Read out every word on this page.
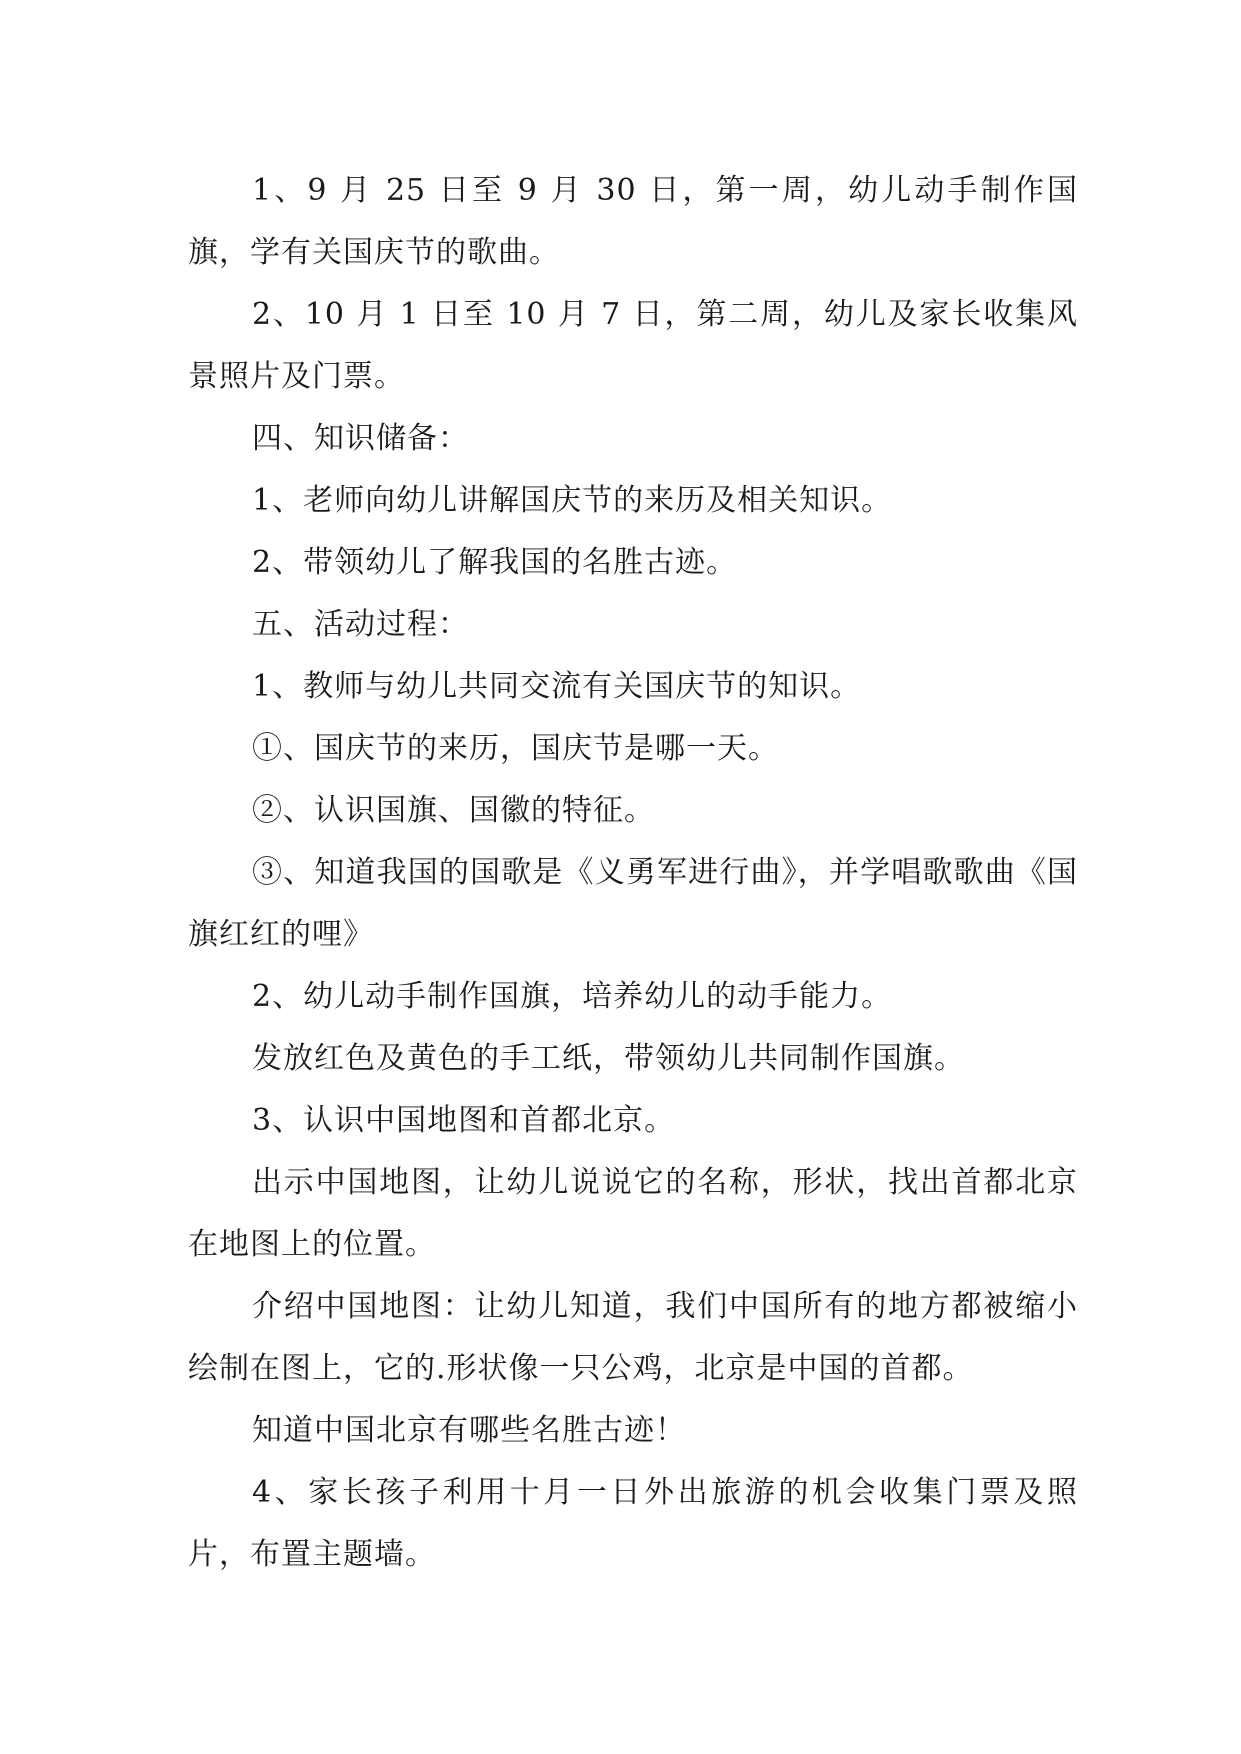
1、9 月 25 日至 9 月 30 日，第一周，幼儿动手制作国旗，学有关国庆节的歌曲。

2、10 月 1 日至 10 月 7 日，第二周，幼儿及家长收集风景照片及门票。

四、知识储备：

1、老师向幼儿讲解国庆节的来历及相关知识。

2、带领幼儿了解我国的名胜古迹。

五、活动过程：

1、教师与幼儿共同交流有关国庆节的知识。

①、国庆节的来历，国庆节是哪一天。

②、认识国旗、国徽的特征。

③、知道我国的国歌是《义勇军进行曲》，并学唱歌歌曲《国旗红红的哩》

2、幼儿动手制作国旗，培养幼儿的动手能力。

发放红色及黄色的手工纸，带领幼儿共同制作国旗。

3、认识中国地图和首都北京。

出示中国地图，让幼儿说说它的名称，形状，找出首都北京在地图上的位置。

介绍中国地图：让幼儿知道，我们中国所有的地方都被缩小绘制在图上，它的.形状像一只公鸡，北京是中国的首都。

知道中国北京有哪些名胜古迹！

4、家长孩子利用十月一日外出旅游的机会收集门票及照片，布置主题墙。
